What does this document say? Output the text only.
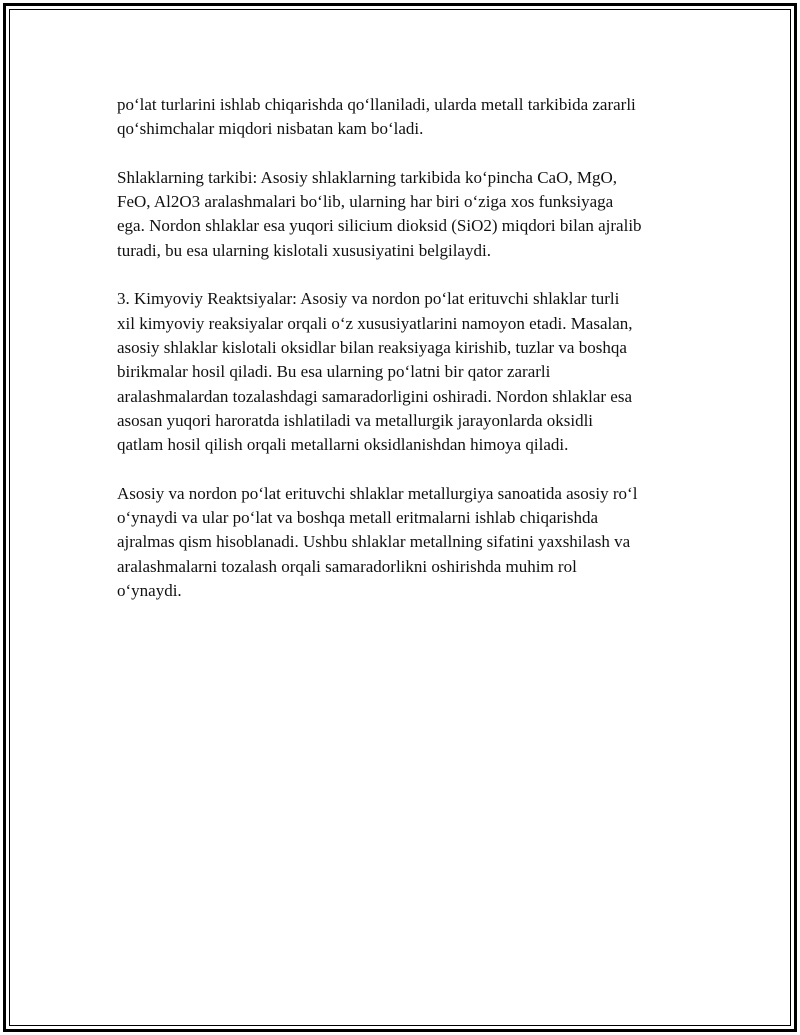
po‘lat turlarini ishlab chiqarishda qo‘llaniladi, ularda metall tarkibida zararli
qo‘shimchalar miqdori nisbatan kam bo‘ladi.

Shlaklarning tarkibi: Asosiy shlaklarning tarkibida ko‘pincha CaO, MgO,
FeO, Al2O3 aralashmalari bo‘lib, ularning har biri o‘ziga xos funksiyaga
ega. Nordon shlaklar esa yuqori silicium dioksid (SiO2) miqdori bilan ajralib
turadi, bu esa ularning kislotali xususiyatini belgilaydi.

3. Kimyoviy Reaktsiyalar: Asosiy va nordon po‘lat erituvchi shlaklar turli
xil kimyoviy reaksiyalar orqali o‘z xususiyatlarini namoyon etadi. Masalan,
asosiy shlaklar kislotali oksidlar bilan reaksiyaga kirishib, tuzlar va boshqa
birikmalar hosil qiladi. Bu esa ularning po‘latni bir qator zararli
aralashmalardan tozalashdagi samaradorligini oshiradi. Nordon shlaklar esa
asosan yuqori haroratda ishlatiladi va metallurgik jarayonlarda oksidli
qatlam hosil qilish orqali metallarni oksidlanishdan himoya qiladi.

Asosiy va nordon po‘lat erituvchi shlaklar metallurgiya sanoatida asosiy ro‘l
o‘ynaydi va ular po‘lat va boshqa metall eritmalarni ishlab chiqarishda
ajralmas qism hisoblanadi. Ushbu shlaklar metallning sifatini yaxshilash va
aralashmalarni tozalash orqali samaradorlikni oshirishda muhim rol
o‘ynaydi.
